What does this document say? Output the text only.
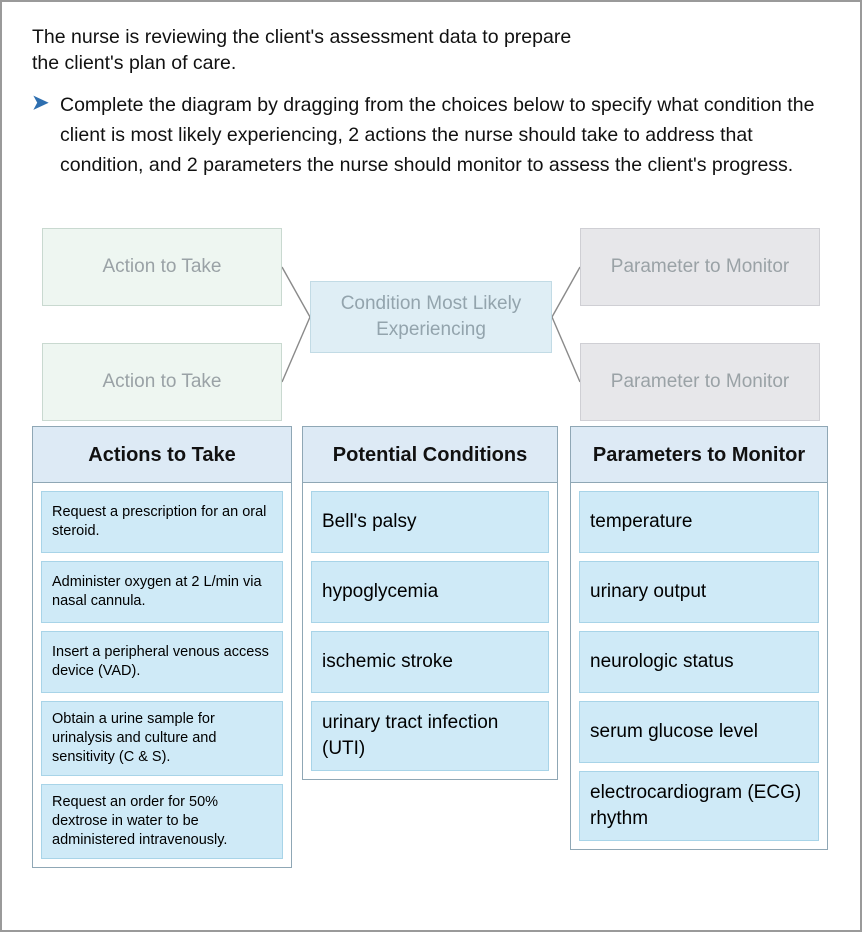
The nurse is reviewing the client's assessment data to prepare
the client's plan of care.
➤ Complete the diagram by dragging from the choices below to specify what condition the client is most likely experiencing, 2 actions the nurse should take to address that condition, and 2 parameters the nurse should monitor to assess the client's progress.
Action to Take
Action to Take
Condition Most Likely Experiencing
Parameter to Monitor
Parameter to Monitor
Actions to Take
Request a prescription for an oral steroid.
Administer oxygen at 2 L/min via nasal cannula.
Insert a peripheral venous access device (VAD).
Obtain a urine sample for urinalysis and culture and sensitivity (C & S).
Request an order for 50% dextrose in water to be administered intravenously.
Potential Conditions
Bell's palsy
hypoglycemia
ischemic stroke
urinary tract infection (UTI)
Parameters to Monitor
temperature
urinary output
neurologic status
serum glucose level
electrocardiogram (ECG) rhythm
